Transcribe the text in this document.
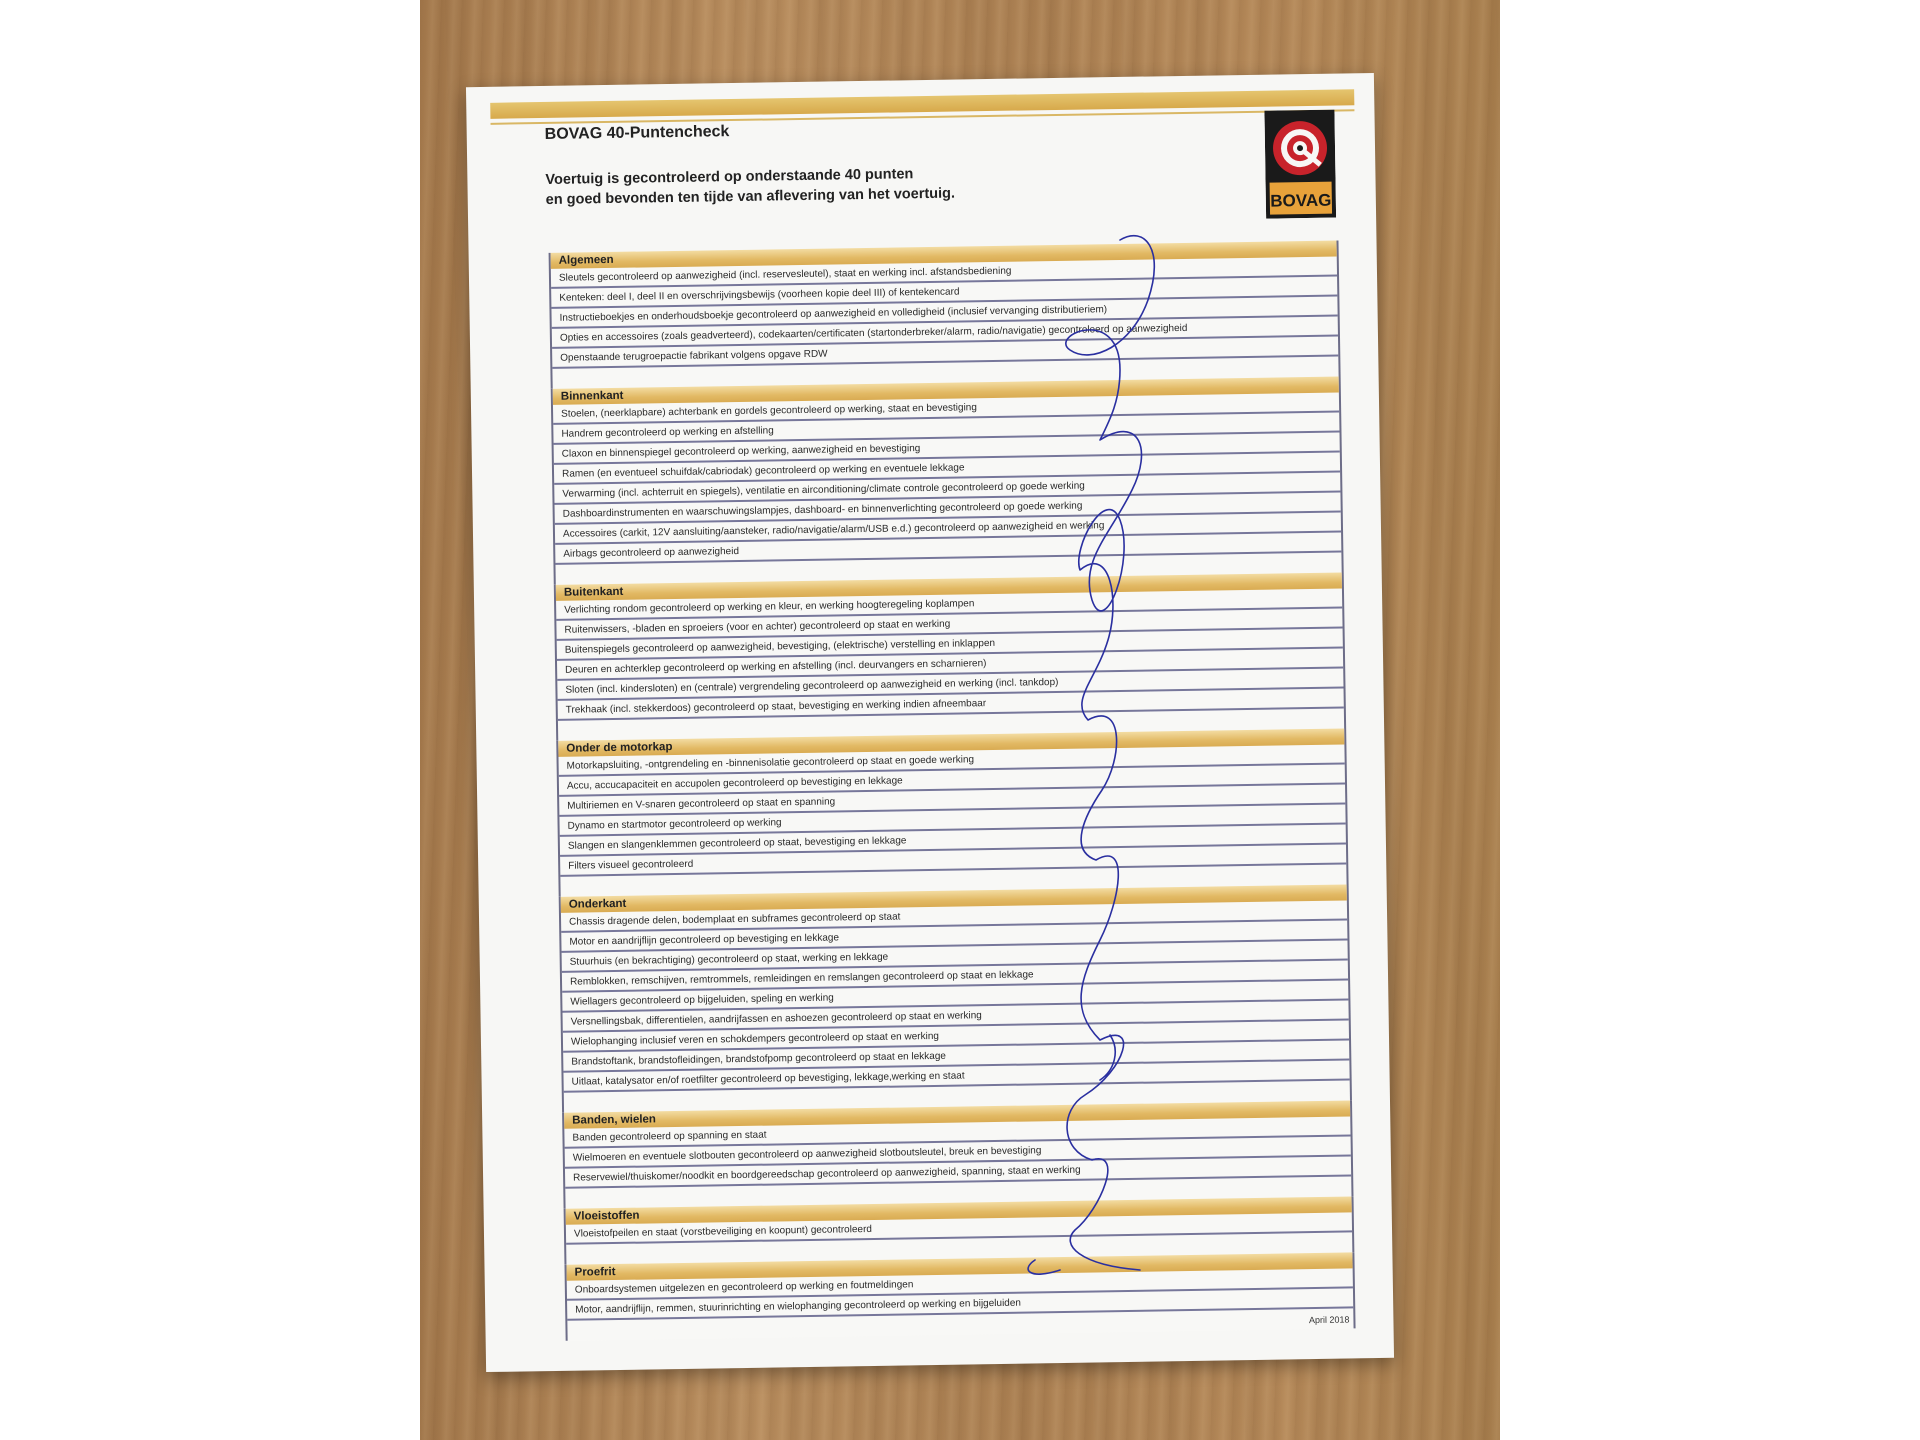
BOVAG 40-Puntencheck
Voertuig is gecontroleerd op onderstaande 40 punten
en goed bevonden ten tijde van aflevering van het voertuig.	BOVAG
Algemeen
Sleutels gecontroleerd op aanwezigheid (incl. reservesleutel), staat en werking incl. afstandsbediening
Kenteken: deel I, deel II en overschrijvingsbewijs (voorheen kopie deel III) of kentekencard
Instructieboekjes en onderhoudsboekje gecontroleerd op aanwezigheid en volledigheid (inclusief vervanging distributieriem)
Opties en accessoires (zoals geadverteerd), codekaarten/certificaten (startonderbreker/alarm, radio/navigatie) gecontroleerd op aanwezigheid
Openstaande terugroepactie fabrikant volgens opgave RDW
Binnenkant
Stoelen, (neerklapbare) achterbank en gordels gecontroleerd op werking, staat en bevestiging
Handrem gecontroleerd op werking en afstelling
Claxon en binnenspiegel gecontroleerd op werking, aanwezigheid en bevestiging
Ramen (en eventueel schuifdak/cabriodak) gecontroleerd op werking en eventuele lekkage
Verwarming (incl. achterruit en spiegels), ventilatie en airconditioning/climate controle gecontroleerd op goede werking
Dashboardinstrumenten en waarschuwingslampjes, dashboard- en binnenverlichting gecontroleerd op goede werking
Accessoires (carkit, 12V aansluiting/aansteker, radio/navigatie/alarm/USB e.d.) gecontroleerd op aanwezigheid en werking
Airbags gecontroleerd op aanwezigheid
Buitenkant
Verlichting rondom gecontroleerd op werking en kleur, en werking hoogteregeling koplampen
Ruitenwissers, -bladen en sproeiers (voor en achter) gecontroleerd op staat en werking
Buitenspiegels gecontroleerd op aanwezigheid, bevestiging, (elektrische) verstelling en inklappen
Deuren en achterklep gecontroleerd op werking en afstelling (incl. deurvangers en scharnieren)
Sloten (incl. kindersloten) en (centrale) vergrendeling gecontroleerd op aanwezigheid en werking (incl. tankdop)
Trekhaak (incl. stekkerdoos) gecontroleerd op staat, bevestiging en werking indien afneembaar
Onder de motorkap
Motorkapsluiting, -ontgrendeling en -binnenisolatie gecontroleerd op staat en goede werking
Accu, accucapaciteit en accupolen gecontroleerd op bevestiging en lekkage
Multiriemen en V-snaren gecontroleerd op staat en spanning
Dynamo en startmotor gecontroleerd op werking
Slangen en slangenklemmen gecontroleerd op staat, bevestiging en lekkage
Filters visueel gecontroleerd
Onderkant
Chassis dragende delen, bodemplaat en subframes gecontroleerd op staat
Motor en aandrijflijn gecontroleerd op bevestiging en lekkage
Stuurhuis (en bekrachtiging) gecontroleerd op staat, werking en lekkage
Remblokken, remschijven, remtrommels, remleidingen en remslangen gecontroleerd op staat en lekkage
Wiellagers gecontroleerd op bijgeluiden, speling en werking
Versnellingsbak, differentielen, aandrijfassen en ashoezen gecontroleerd op staat en werking
Wielophanging inclusief veren en schokdempers gecontroleerd op staat en werking
Brandstoftank, brandstofleidingen, brandstofpomp gecontroleerd op staat en lekkage
Uitlaat, katalysator en/of roetfilter gecontroleerd op bevestiging, lekkage,werking en staat
Banden, wielen
Banden gecontroleerd op spanning en staat
Wielmoeren en eventuele slotbouten gecontroleerd op aanwezigheid slotboutsleutel, breuk en bevestiging
Reservewiel/thuiskomer/noodkit en boordgereedschap gecontroleerd op aanwezigheid, spanning, staat en werking
Vloeistoffen
Vloeistofpeilen en staat (vorstbeveiliging en koopunt) gecontroleerd
Proefrit
Onboardsystemen uitgelezen en gecontroleerd op werking en foutmeldingen
Motor, aandrijflijn, remmen, stuurinrichting en wielophanging gecontroleerd op werking en bijgeluiden
April 2018
